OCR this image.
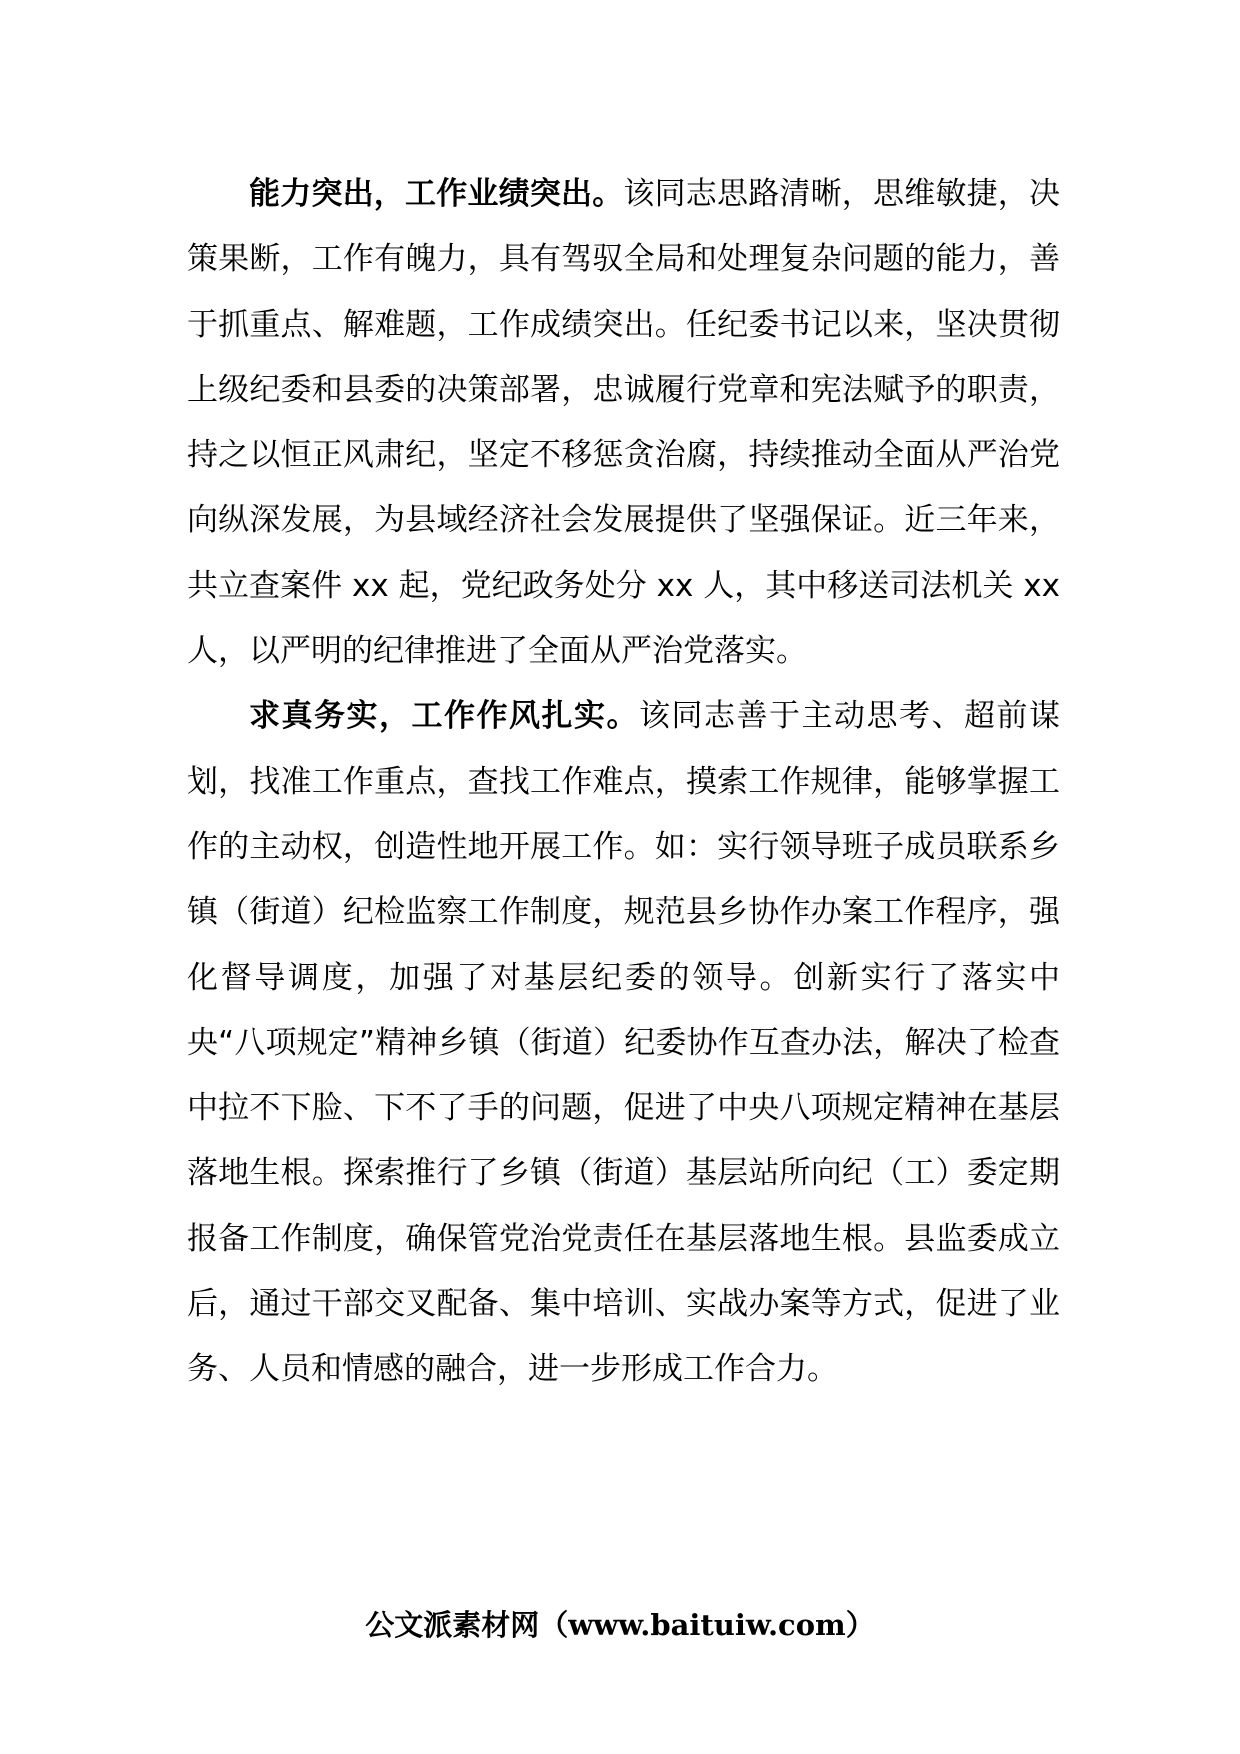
能力突出，工作业绩突出。该同志思路清晰，思维敏捷，决策果断，工作有魄力，具有驾驭全局和处理复杂问题的能力，善于抓重点、解难题，工作成绩突出。任纪委书记以来，坚决贯彻上级纪委和县委的决策部署，忠诚履行党章和宪法赋予的职责，持之以恒正风肃纪，坚定不移惩贪治腐，持续推动全面从严治党向纵深发展，为县域经济社会发展提供了坚强保证。近三年来，共立查案件 xx 起，党纪政务处分 xx 人，其中移送司法机关 xx 人，以严明的纪律推进了全面从严治党落实。

求真务实，工作作风扎实。该同志善于主动思考、超前谋划，找准工作重点，查找工作难点，摸索工作规律，能够掌握工作的主动权，创造性地开展工作。如：实行领导班子成员联系乡镇（街道）纪检监察工作制度，规范县乡协作办案工作程序，强化督导调度，加强了对基层纪委的领导。创新实行了落实中央“八项规定”精神乡镇（街道）纪委协作互查办法，解决了检查中拉不下脸、下不了手的问题，促进了中央八项规定精神在基层落地生根。探索推行了乡镇（街道）基层站所向纪（工）委定期报备工作制度，确保管党治党责任在基层落地生根。县监委成立后，通过干部交叉配备、集中培训、实战办案等方式，促进了业务、人员和情感的融合，进一步形成工作合力。

公文派素材网（www.baituiw.com）
